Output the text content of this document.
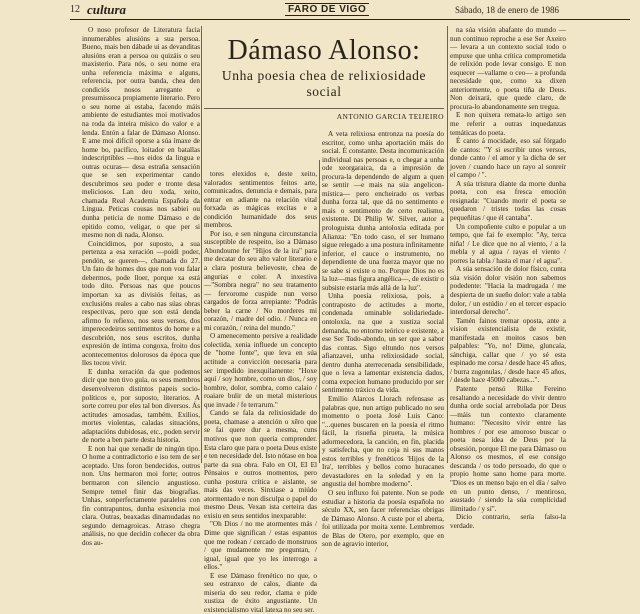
12 cultura	FARO DE VIGO	Sábado, 18 de enero de 1986
Dámaso Alonso:
Unha poesia chea de relixiosidade social
ANTONIO GARCIA TEIJEIRO

O noso profesor de Literatura facia innumerables alusións a sua persoa. Bueno, mais ben dábade ui as devanditas alusións eran a persoa ou quizáis o seu maxisterio. Para nós, o seu nome era unha referencia máxima e alguns, referencia, por outra banda, chea den condiciós nosos arregante e presumissoca propiamente literario. Pero o seu nome ai estaba, facendo máis ambiente de estudiantes moi motivados na roda da inteira mísico do valor e a lenda. Entón a falar de Dámaso Alonso. E ame moi difícil oporse a súa ímaxe de home bo, pacífico, loitador en batallas indescriptibles —nos eidos da lingua e outras ocuras— desa estraña sensación que se sen experimentar cando descubrimos seu poder e tronte desa meliciosos. Lan deu xoda, xeito, chamada Real Academia Española da Lingua. Peticas cousas nos sabiei ou dunha peticia de nome Dámaso e de epitido como, veligar, o que per si mesmo non di nada, Alonso.

Coincidimos, por suposto, a sua pertenza a esa xeración —poidi poder, pendón, se queren—, chamada do 27. Un fato de homes dos que non vou falar debermos, pode lloer, porque xa está todo dito. Persoas nas que poucos importan xa as divisiós feitas, as exclusións reales a cabo nas súas obras respectivas, pero que son está denda afirmo fo refiexo, nos seus versos, dos imperecedeiros sentimentos do home e a descobrión, nos seus escritos, dunha expresión de íntima congoxa, froito dos acontecementos dolorosos da época que lles tocou vivir.

E dunha xeración da que podemos dicir que non tivo guía, os seus membros desenvolveron distintos papeis socio-políticos e, por suposto, literarios. A sorte correu por eles tal bon diversos. Ás actitudes amosadas, também. Exilios, mortes violentas, caladas situacións, adaptacións dubidosas, etc., poden servir de norte a ben parte desta historia.

E non hai que xenadir de ningún tipo. O home a contradictorio e iso tem de ser aceptado. Uns foron bendecidos, outros non. Uns hermaron moi forte; outros bermaron con silencio angustioso. Sempre temel finir das biografías. Unhas, sonperfectamente paralelos con fin contrapuntos, dunha esixencia moi clara. Outras, beaxadas dinamudadas no segundo demagroicas. Atraso chegra análisis, no que decidin coñecer da obra dos au-

tores elexidos e, deste xeito, valorados sentimentos feitos arte, comunicados, denuncia e demais, para entrar en adiante na relación vital forxada as mágicas excitas e a condición humanidade dos seus membros.

Por iso, e sen ninguna circunstancia susceptible de respeito, iso a Dámaso Abondoume fer "Hijos de la ira" para me decatar do seu alto valor literario e a clara postura believoste, chea de angurias e coler. A inxestiva —"Sombra negra" no seu tratamento— fervorome cuspide nun verso cargados de forza arrepiante: "Podrás beber la carne / No morderes mi corazón, / madre del odio. / Nunca en mi corazón, / reina del mundo."

O amenecemento persive a realidade colectida, xenia influede un concepto de "home fonte", que leva en súa actitude a convicción necesaria para ser impedido inexquilamente: "Hoxe aquí / soy hombre, como un dios, / soy hombre, dolor, sombra, como calaio / roaiare bulir de un metal misterious que invade / fe terrarum."

Cando se fala da relixiosidade do poeta, chamase a atención o xêro que se fai quere dur a mesma, cuns motivos que non queria comprender. Esta claro que para o poeta Deus existe e ten necesidade del. Isto nótase en boa parte da sua obra. Falo en OI, EI El Pénsaios e outros momentos, pero cunha postura crítica e aislante, se mais das veces. Sinxiase a miúdo atormentado e non disculpa o papel do mesmo Deus. Vexan ista certeira das exisiu en seus sentidos inexparable:

"Oh Dios / no me atormentes más / Dime que significan / estas espantos que me rodean / cercado de monstruos / que mudamente me preguntan, / igual, igual que yo les interrogo a ellos."

E ese Dámaso frenético no que, o seu estranxo de calos, diante da miseria do seu redor, clama e pide xustiza de éxito angustiante. Un existencialismo vital latexa no seu ser.

A veta relixiosa entronza na poesía do escritor, como unha aportación máis do social. É constante. Desta incomunicación individual nas persoas e, o chegar a unha ode xeorgaraica, da a impresión de procura-la dependendo de algum a quen se sentir —e mais na súa angelicon-mística— pero encheirado os verbas dunha forza tal, que dá no sentimento e mais o sentimento de certo realismo, existente. Di Philip W. Silver, autor a prologuista dunha antoloxia editada por Alianza: "En todo caso, el ser humano sigue relegado a una postura infinitamente inferior, el cauce o instrumento, no dependiente de una fuerza mayor que no se sabe si existe o no. Porque Dios no es la luz—mas figura angélica—, de existir o subsiste estaría más allá de la luz".

Unha poesía relixiosa, pois, a contraposto de actitudes a morte, condenada ominable solidariedade-ontoloxía, na que a xustiza social demanda, no entorno teórico e existente, a ese Ser Todo-abondo, un ser que a sabor das contas. Sigo eltundo nos versos afianzavei, unha relixiosidade social, dentro dunha aterrecenada sensibilidade, que o leva a lamentar existencia dados, coma expecion humano producido por ser sentimento tráxico da vida.

Emilio Alarcos Llorach refensase as palabras que, nun artigo publicado no seu momento o poeta José Luis Cano: "...quenes buscaren en la poesía el ritmo fácil, la risueña pirueta, la música adormecedora, la canción, en fin, placida y satisfecha, que no coja ni sus manos estos terribles y frenéticos 'Hijos de la Ira', terribles y bellos como huracanes devastadores en la soledad y en la angustia del hombre moderno".

O seu influxo foi patente. Non se pode estudiar a historia da poesía española no século XX, sen facer referencias obrigas de Dámaso Alonso. A custe por el aberta, foi utilizada por moita xente. Lembremos de Blas de Otero, por exemplo, que en son de agravio interior,

na súa visión abafante do mundo —nun contínuo reproche a ese Ser Axeiro— levara a un contexto social todo o empuxe que unha crítica comprometida de relixión pode levar consigo. E non esquecer —vallame o ceo— a profunda necesidade que, como xa dixen anteriormente, o poeta tiña de Deus. Non deixará, que quede claro, de procura-lo abandonamente sen tregua.

E non quixera remata-lo artigo sen me referir a outras inquedanzas temáticas do poeta.

É canto á mocidade, eso saí fórgado de cantos: "Y si escribir unos versos, donde canto / el amor y la dicha de ser joven / cuando hace un rayo al sonreír el campo / ".

A súa tristura diante da morte dunha poeta, con esa fresca emoción resignada: "Cuando morir el poeta se quedaron / tristes todas las cosas pequeñitas / que él cantaba".

Un compoñente culto e popular a un tempo, que fai fe exemplo: "Ay, terca niña! / Le dice que no al viento, / a la mebla y al agua / rayas el viento / porres la tabla / hasta el mar / el agua".

A súa sensación de dolor físico, cunta súa visión dolor visión non sabemos podedente: "Hacia la madrugada / me despierta de un sueño dolor: vale a tabla dolor, / un estúdio / en el tercer espacio interdorsal derecho".

Tamén fainos tremar oposta, ante a vision existencialista de existir, manifestada en moitos casos ben palpables: "Yo, no! Dime, gluncaía, sánchiga, callar que / yo sé esta espinado me corsa / desde hace 45 años, / burra zugonulas, / desde hace 45 años, / desde hace 45000 cabezas...".

Patente pensó Rilke Fereino resaltando a necesidade do vivir dentro dunha orde social arrebolada por Deus—máis tun contexto claramente humano: "Necesito vivir entre las hombres / por ese amoroso buscar o poeta nesa idea de Deus por la obsesión, porque El me para Dámaso ou Alonso os mesmos, el ese consigo descanda / os todo persoado, do que o propio home sano home para morte. "Dios es un menso bajo en el día / salvo en un punto denso, / mentiroso, asustado / siendo la súa complicidad ilimitado / y sí".

Dicio contrario, sería falso-la verdade.
